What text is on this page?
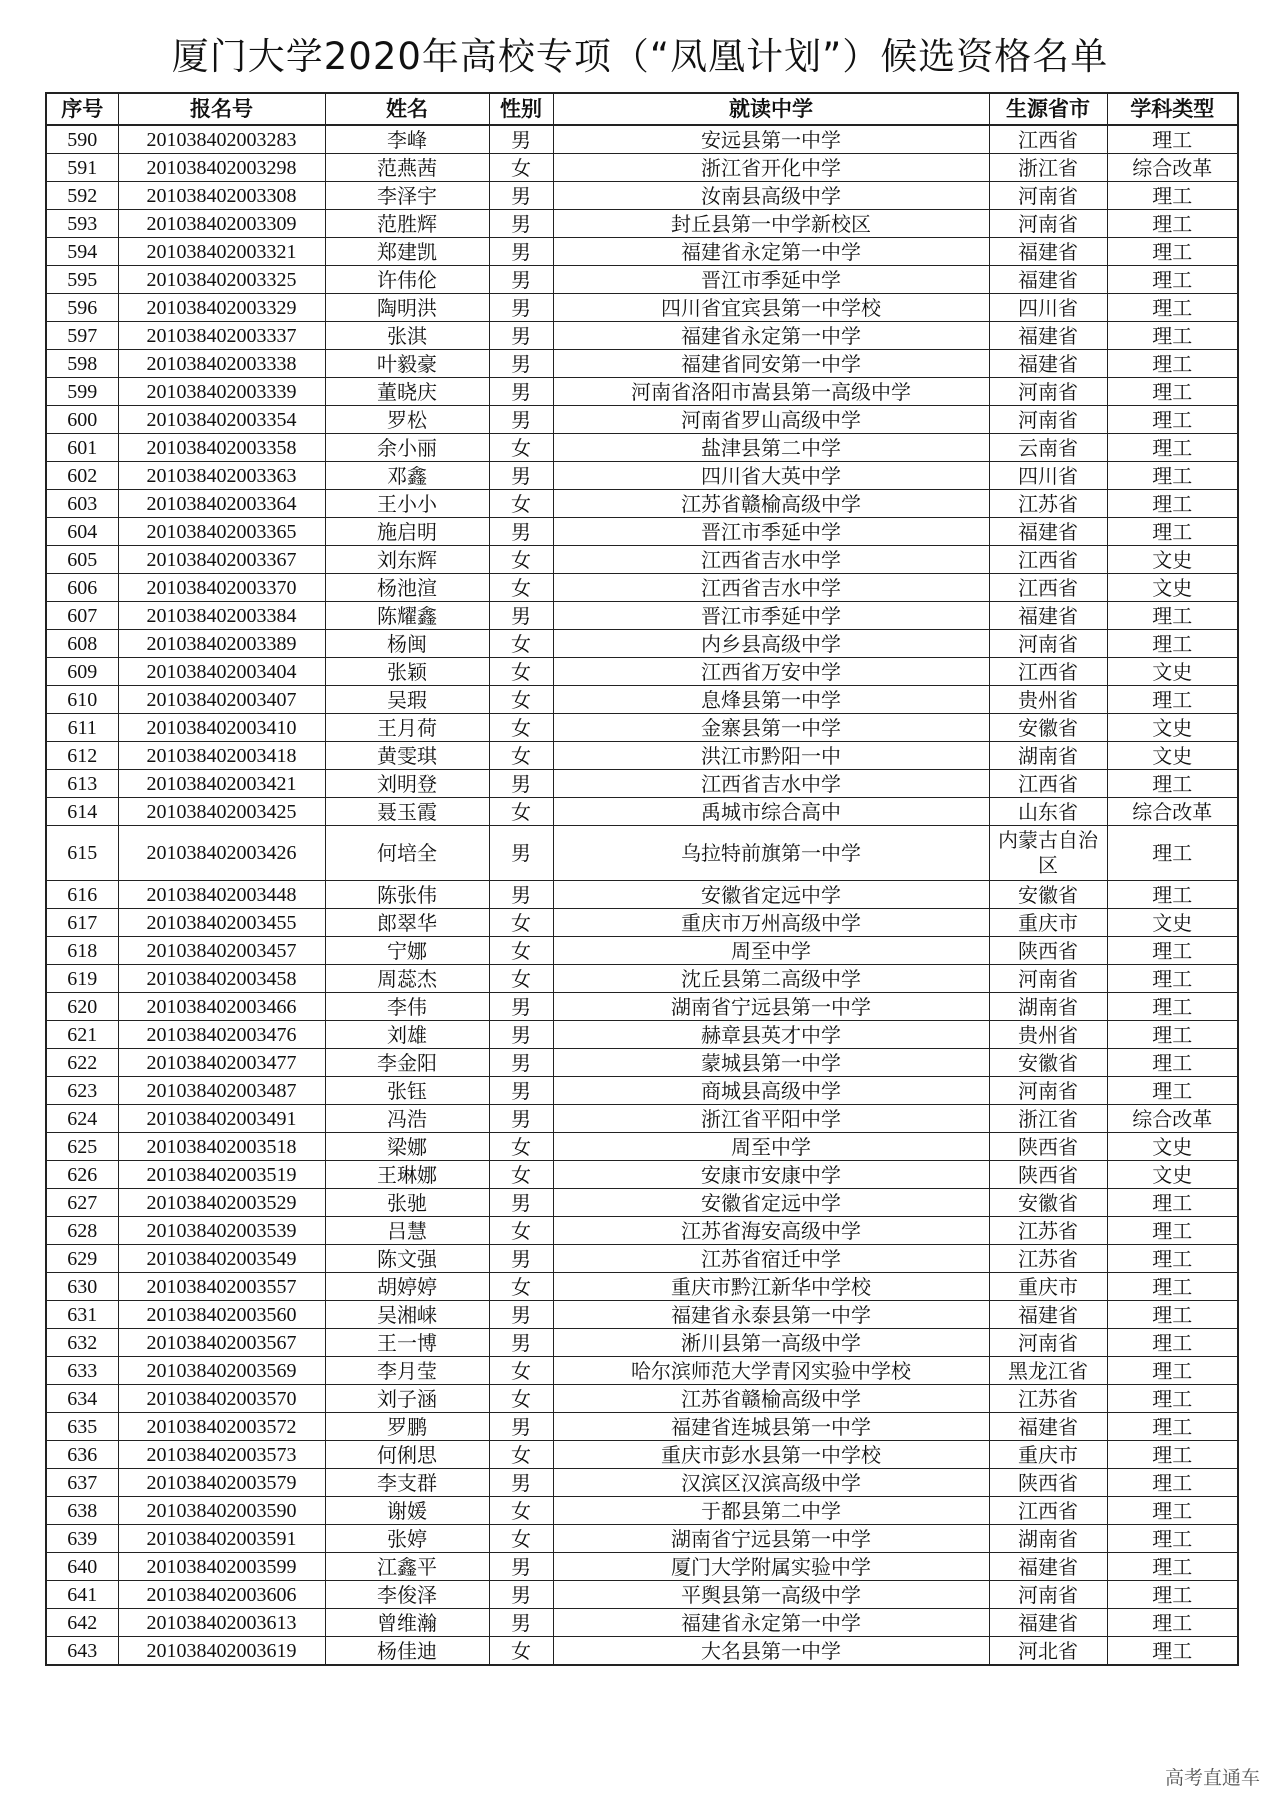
厦门大学2020年高校专项（“凤凰计划”）候选资格名单
序号	报名号	姓名	性别	就读中学	生源省市	学科类型
590	201038402003283	李峰	男	安远县第一中学	江西省	理工
591	201038402003298	范燕茜	女	浙江省开化中学	浙江省	综合改革
592	201038402003308	李泽宇	男	汝南县高级中学	河南省	理工
593	201038402003309	范胜辉	男	封丘县第一中学新校区	河南省	理工
594	201038402003321	郑建凯	男	福建省永定第一中学	福建省	理工
595	201038402003325	许伟伦	男	晋江市季延中学	福建省	理工
596	201038402003329	陶明洪	男	四川省宜宾县第一中学校	四川省	理工
597	201038402003337	张淇	男	福建省永定第一中学	福建省	理工
598	201038402003338	叶毅豪	男	福建省同安第一中学	福建省	理工
599	201038402003339	董晓庆	男	河南省洛阳市嵩县第一高级中学	河南省	理工
600	201038402003354	罗松	男	河南省罗山高级中学	河南省	理工
601	201038402003358	余小丽	女	盐津县第二中学	云南省	理工
602	201038402003363	邓鑫	男	四川省大英中学	四川省	理工
603	201038402003364	王小小	女	江苏省赣榆高级中学	江苏省	理工
604	201038402003365	施启明	男	晋江市季延中学	福建省	理工
605	201038402003367	刘东辉	女	江西省吉水中学	江西省	文史
606	201038402003370	杨池渲	女	江西省吉水中学	江西省	文史
607	201038402003384	陈耀鑫	男	晋江市季延中学	福建省	理工
608	201038402003389	杨闽	女	内乡县高级中学	河南省	理工
609	201038402003404	张颖	女	江西省万安中学	江西省	文史
610	201038402003407	吴瑕	女	息烽县第一中学	贵州省	理工
611	201038402003410	王月荷	女	金寨县第一中学	安徽省	文史
612	201038402003418	黄雯琪	女	洪江市黔阳一中	湖南省	文史
613	201038402003421	刘明登	男	江西省吉水中学	江西省	理工
614	201038402003425	聂玉霞	女	禹城市综合高中	山东省	综合改革
615	201038402003426	何培全	男	乌拉特前旗第一中学	内蒙古自治区	理工
616	201038402003448	陈张伟	男	安徽省定远中学	安徽省	理工
617	201038402003455	郎翠华	女	重庆市万州高级中学	重庆市	文史
618	201038402003457	宁娜	女	周至中学	陕西省	理工
619	201038402003458	周蕊杰	女	沈丘县第二高级中学	河南省	理工
620	201038402003466	李伟	男	湖南省宁远县第一中学	湖南省	理工
621	201038402003476	刘雄	男	赫章县英才中学	贵州省	理工
622	201038402003477	李金阳	男	蒙城县第一中学	安徽省	理工
623	201038402003487	张钰	男	商城县高级中学	河南省	理工
624	201038402003491	冯浩	男	浙江省平阳中学	浙江省	综合改革
625	201038402003518	梁娜	女	周至中学	陕西省	文史
626	201038402003519	王琳娜	女	安康市安康中学	陕西省	文史
627	201038402003529	张驰	男	安徽省定远中学	安徽省	理工
628	201038402003539	吕慧	女	江苏省海安高级中学	江苏省	理工
629	201038402003549	陈文强	男	江苏省宿迁中学	江苏省	理工
630	201038402003557	胡婷婷	女	重庆市黔江新华中学校	重庆市	理工
631	201038402003560	吴湘崃	男	福建省永泰县第一中学	福建省	理工
632	201038402003567	王一博	男	淅川县第一高级中学	河南省	理工
633	201038402003569	李月莹	女	哈尔滨师范大学青冈实验中学校	黑龙江省	理工
634	201038402003570	刘子涵	女	江苏省赣榆高级中学	江苏省	理工
635	201038402003572	罗鹏	男	福建省连城县第一中学	福建省	理工
636	201038402003573	何俐思	女	重庆市彭水县第一中学校	重庆市	理工
637	201038402003579	李支群	男	汉滨区汉滨高级中学	陕西省	理工
638	201038402003590	谢媛	女	于都县第二中学	江西省	理工
639	201038402003591	张婷	女	湖南省宁远县第一中学	湖南省	理工
640	201038402003599	江鑫平	男	厦门大学附属实验中学	福建省	理工
641	201038402003606	李俊泽	男	平舆县第一高级中学	河南省	理工
642	201038402003613	曾维瀚	男	福建省永定第一中学	福建省	理工
643	201038402003619	杨佳迪	女	大名县第一中学	河北省	理工
高考直通车
